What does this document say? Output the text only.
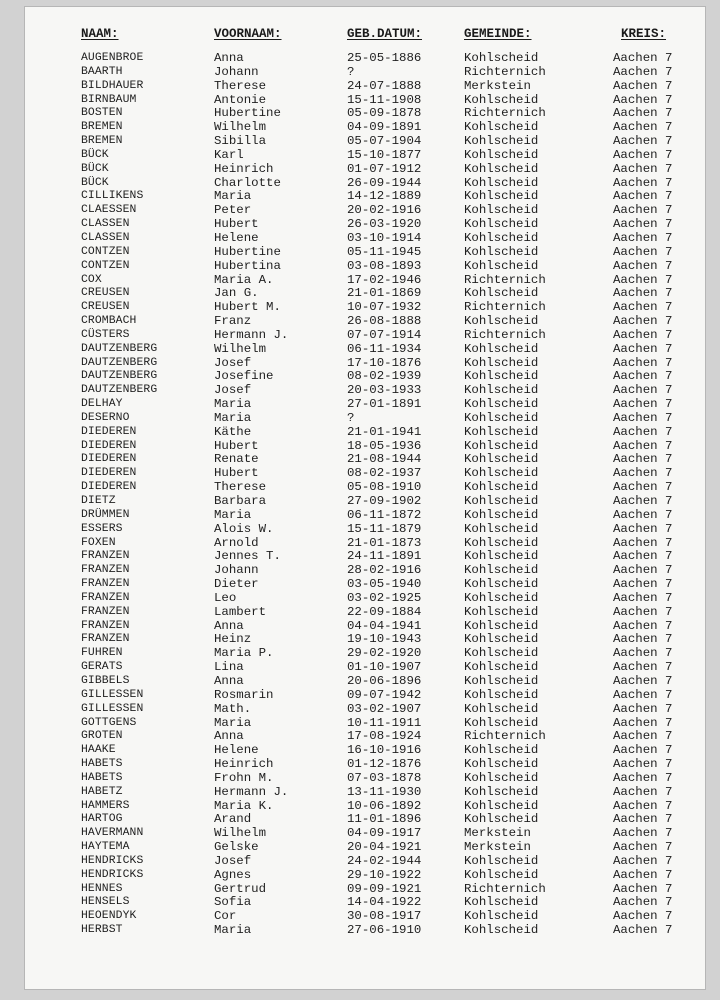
NAAM:	VOORNAAM:	GEB.DATUM:	GEMEINDE:	KREIS:
AUGENBROE	Anna	25-05-1886	Kohlscheid	Aachen 7
BAARTH	Johann	?	Richternich	Aachen 7
BILDHAUER	Therese	24-07-1888	Merkstein	Aachen 7
BIRNBAUM	Antonie	15-11-1908	Kohlscheid	Aachen 7
BOSTEN	Hubertine	05-09-1878	Richternich	Aachen 7
BREMEN	Wilhelm	04-09-1891	Kohlscheid	Aachen 7
BREMEN	Sibilla	05-07-1904	Kohlscheid	Aachen 7
BÜCK	Karl	15-10-1877	Kohlscheid	Aachen 7
BÜCK	Heinrich	01-07-1912	Kohlscheid	Aachen 7
BÜCK	Charlotte	26-09-1944	Kohlscheid	Aachen 7
CILLIKENS	Maria	14-12-1889	Kohlscheid	Aachen 7
CLAESSEN	Peter	20-02-1916	Kohlscheid	Aachen 7
CLASSEN	Hubert	26-03-1920	Kohlscheid	Aachen 7
CLASSEN	Helene	03-10-1914	Kohlscheid	Aachen 7
CONTZEN	Hubertine	05-11-1945	Kohlscheid	Aachen 7
CONTZEN	Hubertina	03-08-1893	Kohlscheid	Aachen 7
COX	Maria A.	17-02-1946	Richternich	Aachen 7
CREUSEN	Jan G.	21-01-1869	Kohlscheid	Aachen 7
CREUSEN	Hubert M.	10-07-1932	Richternich	Aachen 7
CROMBACH	Franz	26-08-1888	Kohlscheid	Aachen 7
CÜSTERS	Hermann J.	07-07-1914	Richternich	Aachen 7
DAUTZENBERG	Wilhelm	06-11-1934	Kohlscheid	Aachen 7
DAUTZENBERG	Josef	17-10-1876	Kohlscheid	Aachen 7
DAUTZENBERG	Josefine	08-02-1939	Kohlscheid	Aachen 7
DAUTZENBERG	Josef	20-03-1933	Kohlscheid	Aachen 7
DELHAY	Maria	27-01-1891	Kohlscheid	Aachen 7
DESERNO	Maria	?	Kohlscheid	Aachen 7
DIEDEREN	Käthe	21-01-1941	Kohlscheid	Aachen 7
DIEDEREN	Hubert	18-05-1936	Kohlscheid	Aachen 7
DIEDEREN	Renate	21-08-1944	Kohlscheid	Aachen 7
DIEDEREN	Hubert	08-02-1937	Kohlscheid	Aachen 7
DIEDEREN	Therese	05-08-1910	Kohlscheid	Aachen 7
DIETZ	Barbara	27-09-1902	Kohlscheid	Aachen 7
DRÜMMEN	Maria	06-11-1872	Kohlscheid	Aachen 7
ESSERS	Alois W.	15-11-1879	Kohlscheid	Aachen 7
FOXEN	Arnold	21-01-1873	Kohlscheid	Aachen 7
FRANZEN	Jennes T.	24-11-1891	Kohlscheid	Aachen 7
FRANZEN	Johann	28-02-1916	Kohlscheid	Aachen 7
FRANZEN	Dieter	03-05-1940	Kohlscheid	Aachen 7
FRANZEN	Leo	03-02-1925	Kohlscheid	Aachen 7
FRANZEN	Lambert	22-09-1884	Kohlscheid	Aachen 7
FRANZEN	Anna	04-04-1941	Kohlscheid	Aachen 7
FRANZEN	Heinz	19-10-1943	Kohlscheid	Aachen 7
FUHREN	Maria P.	29-02-1920	Kohlscheid	Aachen 7
GERATS	Lina	01-10-1907	Kohlscheid	Aachen 7
GIBBELS	Anna	20-06-1896	Kohlscheid	Aachen 7
GILLESSEN	Rosmarin	09-07-1942	Kohlscheid	Aachen 7
GILLESSEN	Math.	03-02-1907	Kohlscheid	Aachen 7
GOTTGENS	Maria	10-11-1911	Kohlscheid	Aachen 7
GROTEN	Anna	17-08-1924	Richternich	Aachen 7
HAAKE	Helene	16-10-1916	Kohlscheid	Aachen 7
HABETS	Heinrich	01-12-1876	Kohlscheid	Aachen 7
HABETS	Frohn M.	07-03-1878	Kohlscheid	Aachen 7
HABETZ	Hermann J.	13-11-1930	Kohlscheid	Aachen 7
HAMMERS	Maria K.	10-06-1892	Kohlscheid	Aachen 7
HARTOG	Arand	11-01-1896	Kohlscheid	Aachen 7
HAVERMANN	Wilhelm	04-09-1917	Merkstein	Aachen 7
HAYTEMA	Gelske	20-04-1921	Merkstein	Aachen 7
HENDRICKS	Josef	24-02-1944	Kohlscheid	Aachen 7
HENDRICKS	Agnes	29-10-1922	Kohlscheid	Aachen 7
HENNES	Gertrud	09-09-1921	Richternich	Aachen 7
HENSELS	Sofia	14-04-1922	Kohlscheid	Aachen 7
HEOENDYK	Cor	30-08-1917	Kohlscheid	Aachen 7
HERBST	Maria	27-06-1910	Kohlscheid	Aachen 7
